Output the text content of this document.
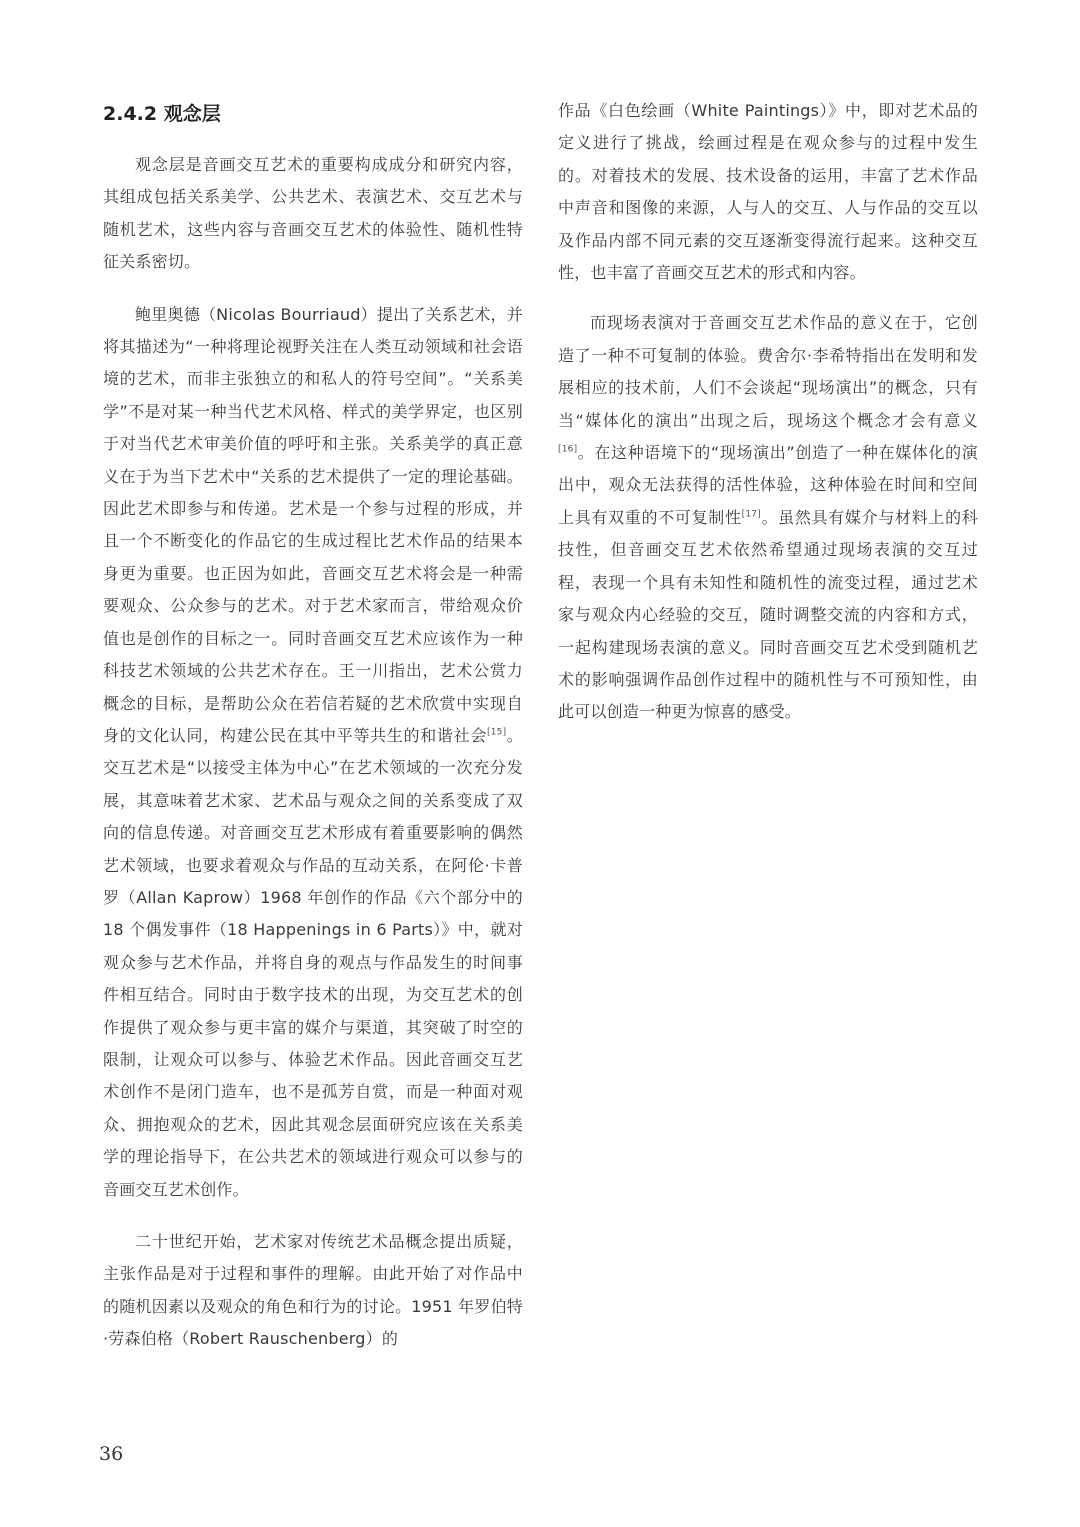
2.4.2 观念层

观念层是音画交互艺术的重要构成成分和研究内容，其组成包括关系美学、公共艺术、表演艺术、交互艺术与随机艺术，这些内容与音画交互艺术的体验性、随机性特征关系密切。

鲍里奥德（Nicolas Bourriaud）提出了关系艺术，并将其描述为“一种将理论视野关注在人类互动领域和社会语境的艺术，而非主张独立的和私人的符号空间”。“关系美学”不是对某一种当代艺术风格、样式的美学界定，也区别于对当代艺术审美价值的呼吁和主张。关系美学的真正意义在于为当下艺术中“关系的艺术提供了一定的理论基础。因此艺术即参与和传递。艺术是一个参与过程的形成，并且一个不断变化的作品它的生成过程比艺术作品的结果本身更为重要。也正因为如此，音画交互艺术将会是一种需要观众、公众参与的艺术。对于艺术家而言，带给观众价值也是创作的目标之一。同时音画交互艺术应该作为一种科技艺术领域的公共艺术存在。王一川指出，艺术公赏力概念的目标，是帮助公众在若信若疑的艺术欣赏中实现自身的文化认同，构建公民在其中平等共生的和谐社会[15]。交互艺术是“以接受主体为中心”在艺术领域的一次充分发展，其意味着艺术家、艺术品与观众之间的关系变成了双向的信息传递。对音画交互艺术形成有着重要影响的偶然艺术领域，也要求着观众与作品的互动关系，在阿伦·卡普罗（Allan Kaprow）1968 年创作的作品《六个部分中的 18 个偶发事件（18 Happenings in 6 Parts）》中，就对观众参与艺术作品，并将自身的观点与作品发生的时间事件相互结合。同时由于数字技术的出现，为交互艺术的创作提供了观众参与更丰富的媒介与渠道，其突破了时空的限制，让观众可以参与、体验艺术作品。因此音画交互艺术创作不是闭门造车，也不是孤芳自赏，而是一种面对观众、拥抱观众的艺术，因此其观念层面研究应该在关系美学的理论指导下，在公共艺术的领域进行观众可以参与的音画交互艺术创作。

二十世纪开始，艺术家对传统艺术品概念提出质疑，主张作品是对于过程和事件的理解。由此开始了对作品中的随机因素以及观众的角色和行为的讨论。1951 年罗伯特·劳森伯格（Robert Rauschenberg）的

作品《白色绘画（White Paintings）》中，即对艺术品的定义进行了挑战，绘画过程是在观众参与的过程中发生的。对着技术的发展、技术设备的运用，丰富了艺术作品中声音和图像的来源，人与人的交互、人与作品的交互以及作品内部不同元素的交互逐渐变得流行起来。这种交互性，也丰富了音画交互艺术的形式和内容。

而现场表演对于音画交互艺术作品的意义在于，它创造了一种不可复制的体验。费舍尔·李希特指出在发明和发展相应的技术前，人们不会谈起“现场演出”的概念，只有当“媒体化的演出”出现之后，现场这个概念才会有意义[16]。在这种语境下的“现场演出”创造了一种在媒体化的演出中，观众无法获得的活性体验，这种体验在时间和空间上具有双重的不可复制性[17]。虽然具有媒介与材料上的科技性，但音画交互艺术依然希望通过现场表演的交互过程，表现一个具有未知性和随机性的流变过程，通过艺术家与观众内心经验的交互，随时调整交流的内容和方式，一起构建现场表演的意义。同时音画交互艺术受到随机艺术的影响强调作品创作过程中的随机性与不可预知性，由此可以创造一种更为惊喜的感受。

36
